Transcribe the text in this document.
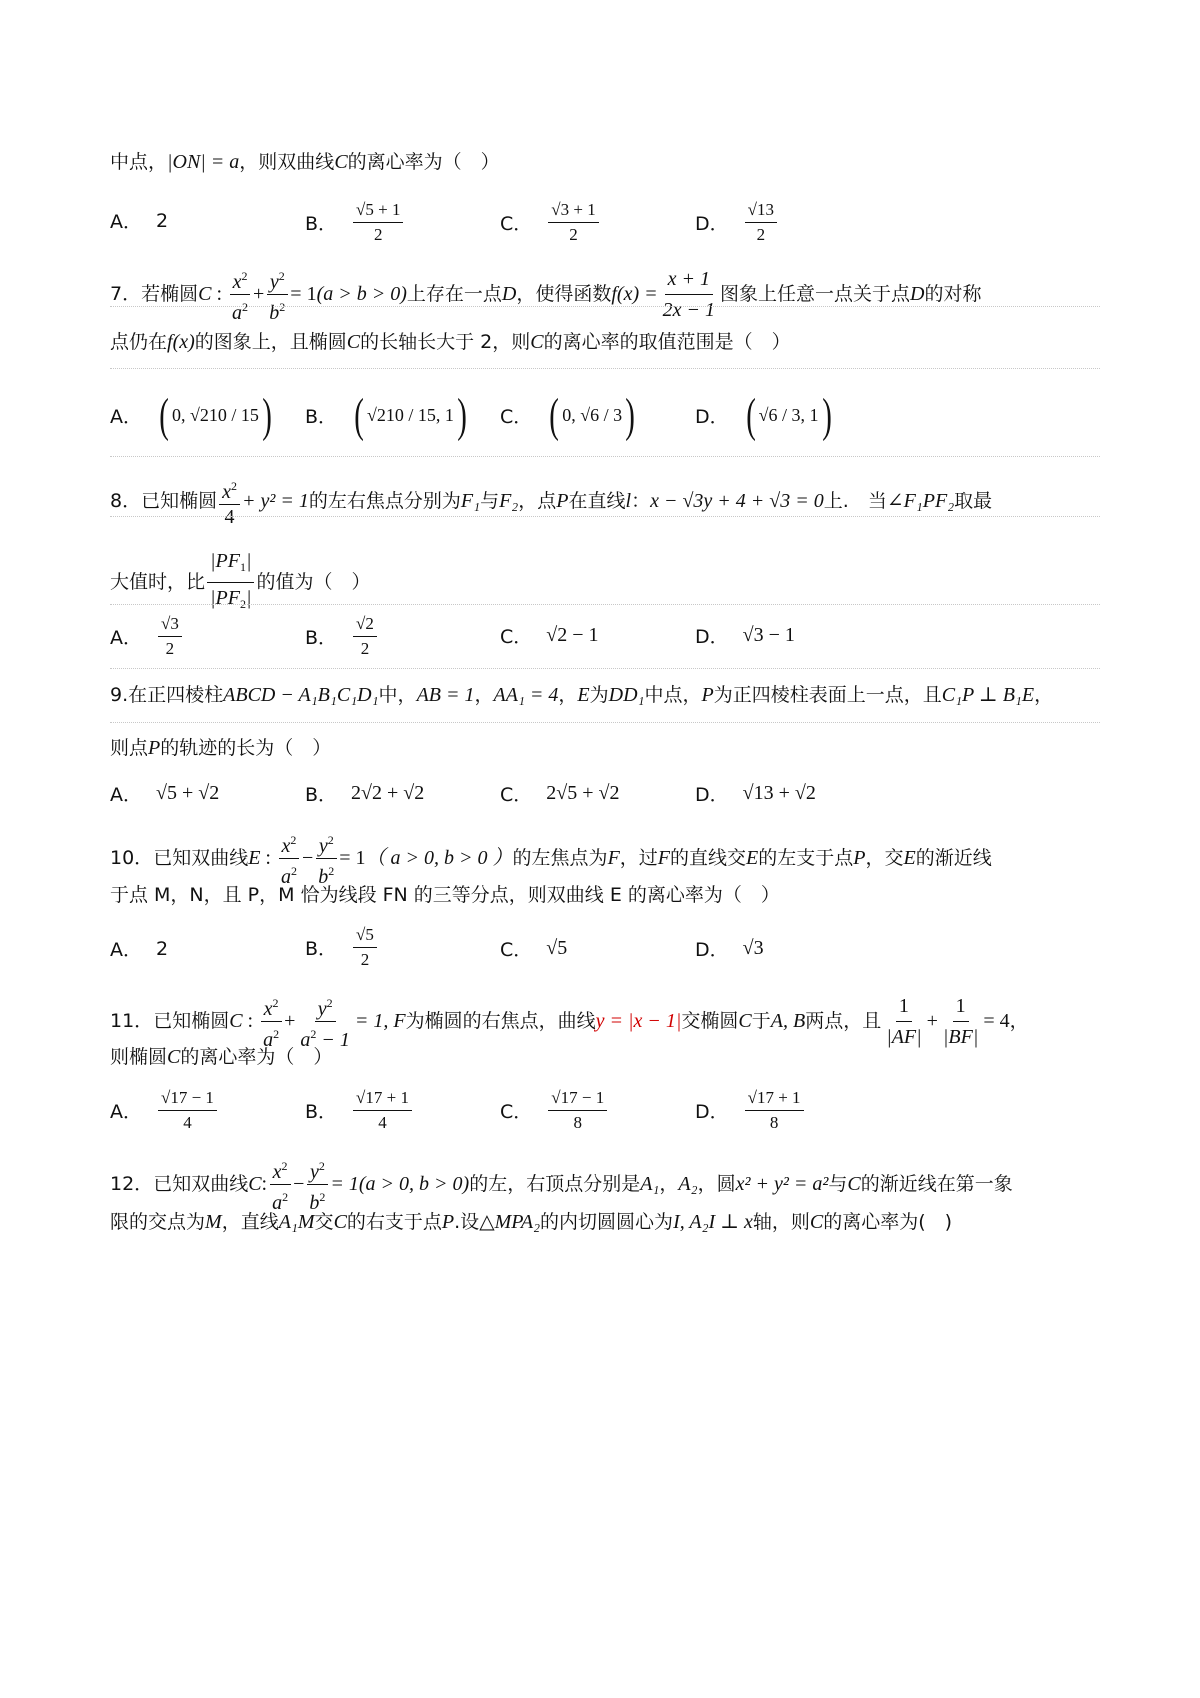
中点，|ON| = a，则双曲线C的离心率为（　）
A． 2	B． $\frac{√5 + 1}{2}$	C． $\frac{√3 + 1}{2}$	D． $\frac{√13}{2}$
7．若椭圆C : $\frac{x^2}{a^2} + \frac{y^2}{b^2} = 1(a > b > 0)$上存在一点D，使得函数$f(x) = \frac{x + 1}{2x - 1}$ 图象上任意一点关于点D的对称
点仍在f(x)的图象上，且椭圆C的长轴长大于 2，则C的离心率的取值范围是（　）
A． ( 0, √210 / 15 ) B． ( √210 / 15, 1 ) C． ( 0, √6 / 3 )	D． ( √6 / 3, 1 )
8．已知椭圆 $\frac{x^2}{4} + y^2 = 1$的左右焦点分别为F₁与F₂，点P在直线l：x − √3y + 4 + √3 = 0上.　当∠F₁PF₂取最
大值时，比 $\frac{|PF_1|}{|PF_2|}$ 的值为（　）
A． $\frac{√3}{2}$	B． $\frac{√2}{2}$	C． √2 − 1	D． √3 − 1
9.在正四棱柱ABCD − A₁B₁C₁D₁中，AB = 1，AA₁ = 4，E为DD₁中点，P为正四棱柱表面上一点，且C₁P ⊥ B₁E，
则点P的轨迹的长为（　）
A． √5 + √2	B． 2√2 + √2	C． 2√5 + √2	D． √13 + √2
10．已知双曲线E : $\frac{x^2}{a^2} - \frac{y^2}{b^2} = 1$（ a > 0, b > 0 ）的左焦点为F，过F的直线交E的左支于点P，交E的渐近线
于点 M，N，且 P，M 恰为线段 FN 的三等分点，则双曲线 E 的离心率为（　）
A． 2	B． $\frac{√5}{2}$	C． √5	D． √3
11．已知椭圆C : $\frac{x^2}{a^2} + \frac{y^2}{a^2 - 1} = 1$, F为椭圆的右焦点，曲线y = |x − 1|交椭圆C于A, B两点，且 $\frac{1}{|AF|} + \frac{1}{|BF|} = 4$，
则椭圆C的离心率为（　）
A． $\frac{√17 - 1}{4}$	B． $\frac{√17 + 1}{4}$	C． $\frac{√17 - 1}{8}$	D． $\frac{√17 + 1}{8}$
12．已知双曲线C: $\frac{x^2}{a^2} - \frac{y^2}{b^2} = 1(a > 0$, b > 0)的左，右顶点分别是A₁，A₂，圆x² + y² = a²与C的渐近线在第一象
限的交点为M，直线A₁M交C的右支于点P.设△MPA₂的内切圆圆心为I, A₂I ⊥ x轴，则C的离心率为(　)
